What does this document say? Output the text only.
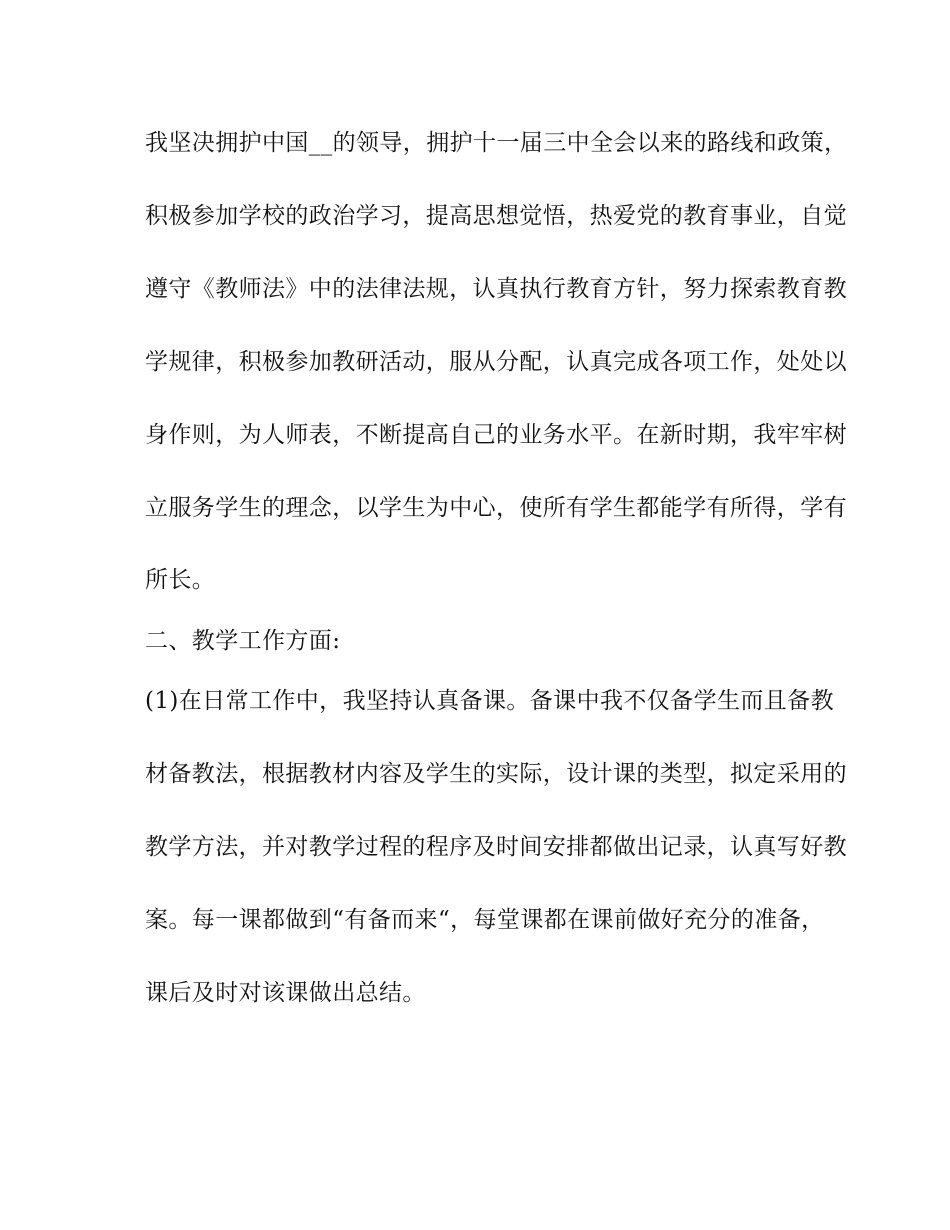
我坚决拥护中国__的领导，拥护十一届三中全会以来的路线和政策，

积极参加学校的政治学习，提高思想觉悟，热爱党的教育事业，自觉

遵守《教师法》中的法律法规，认真执行教育方针，努力探索教育教

学规律，积极参加教研活动，服从分配，认真完成各项工作，处处以

身作则，为人师表，不断提高自己的业务水平。在新时期，我牢牢树

立服务学生的理念，以学生为中心，使所有学生都能学有所得，学有

所长。

二、教学工作方面:

(1)在日常工作中，我坚持认真备课。备课中我不仅备学生而且备教

材备教法，根据教材内容及学生的实际，设计课的类型，拟定采用的

教学方法，并对教学过程的程序及时间安排都做出记录，认真写好教

案。每一课都做到“有备而来“，每堂课都在课前做好充分的准备，

课后及时对该课做出总结。
